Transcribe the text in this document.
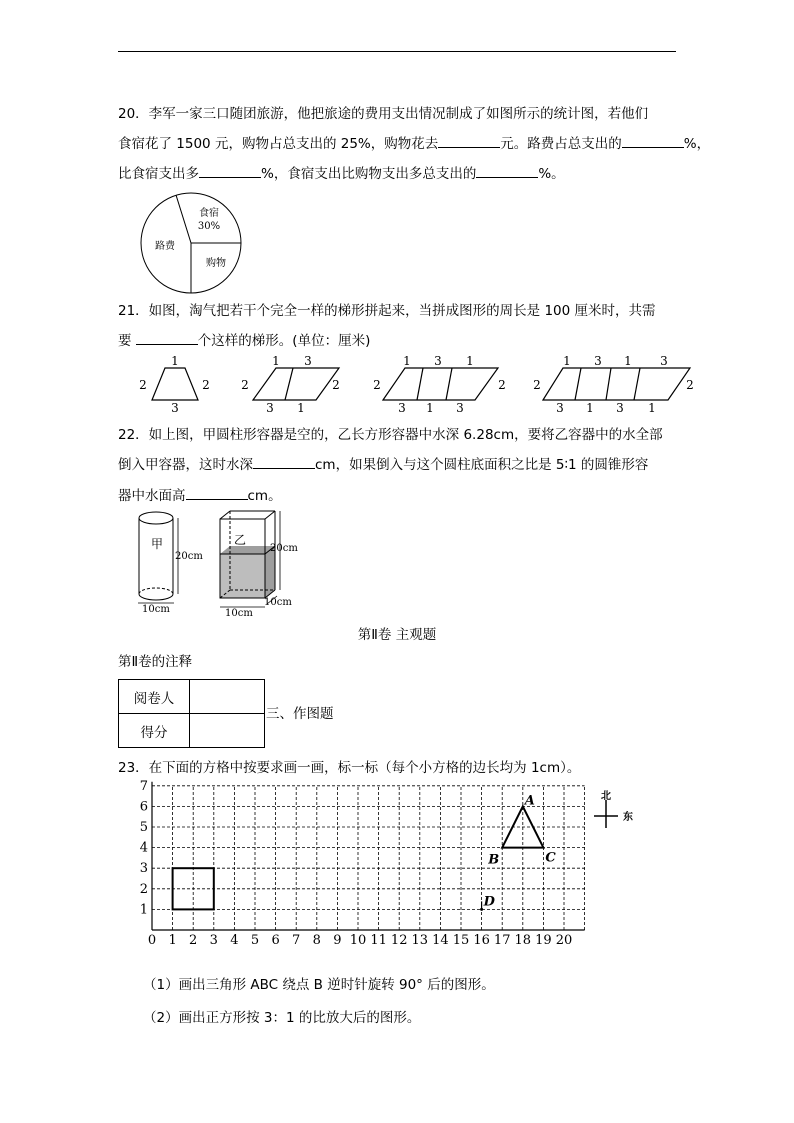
20．李军一家三口随团旅游，他把旅途的费用支出情况制成了如图所示的统计图，若他们
食宿花了 1500 元，购物占总支出的 25%，购物花去	元。路费占总支出的	%，
比食宿支出多	%，食宿支出比购物支出多总支出的	%。
食宿
30%
路费
购物
21．如图，淘气把若干个完全一样的梯形拼起来，当拼成图形的周长是 100 厘米时，共需
要	个这样的梯形。(单位：厘米)
1
2	2
3
1 3
2	2
3 1
1 3 1
2	2
3 1 3
1 3 1 3
2	2
3 1 3 1
22．如上图，甲圆柱形容器是空的，乙长方形容器中水深 6.28cm，要将乙容器中的水全部
倒入甲容器，这时水深	cm，如果倒入与这个圆柱底面积之比是 5∶1 的圆锥形容
器中水面高	cm。
甲
20cm
10cm
乙
20cm
10cm
10cm
第Ⅱ卷 主观题
第Ⅱ卷的注释
阅卷人	
得分	
三、作图题
23．在下面的方格中按要求画一画，标一标（每个小方格的边长均为 1cm）。
0 1 2 3 4 5 6 7 8 9 10 11 12 13 14 15 16 17 18 19 20
1
2
3
4
5
6
7
A
B	C
D
北
东
（1）画出三角形 ABC 绕点 B 逆时针旋转 90° 后的图形。
（2）画出正方形按 3：1 的比放大后的图形。
